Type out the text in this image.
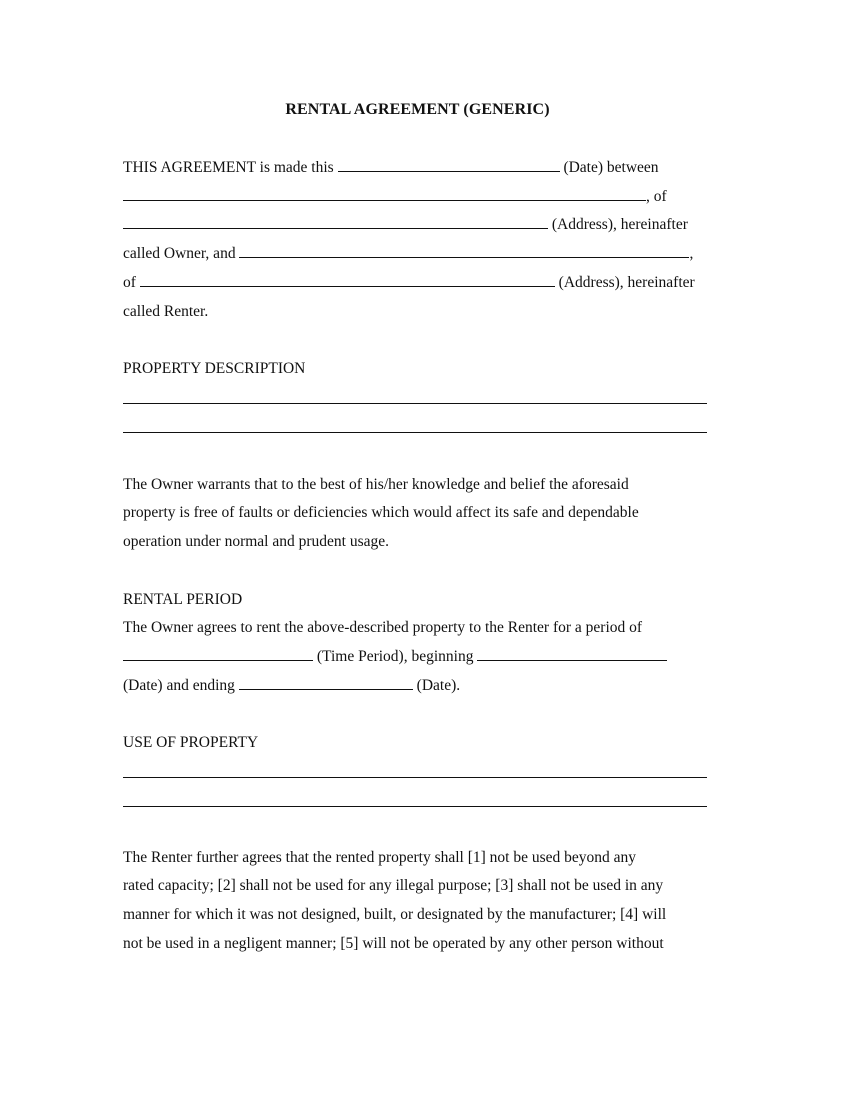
RENTAL AGREEMENT (GENERIC)
THIS AGREEMENT is made this	(Date) between
, of
(Address), hereinafter
called Owner, and	,
of	(Address), hereinafter
called Renter.
PROPERTY DESCRIPTION
The Owner warrants that to the best of his/her knowledge and belief the aforesaid
property is free of faults or deficiencies which would affect its safe and dependable
operation under normal and prudent usage.
RENTAL PERIOD
The Owner agrees to rent the above-described property to the Renter for a period of
(Time Period), beginning
(Date) and ending	(Date).
USE OF PROPERTY
The Renter further agrees that the rented property shall [1] not be used beyond any
rated capacity; [2] shall not be used for any illegal purpose; [3] shall not be used in any
manner for which it was not designed, built, or designated by the manufacturer; [4] will
not be used in a negligent manner; [5] will not be operated by any other person without
